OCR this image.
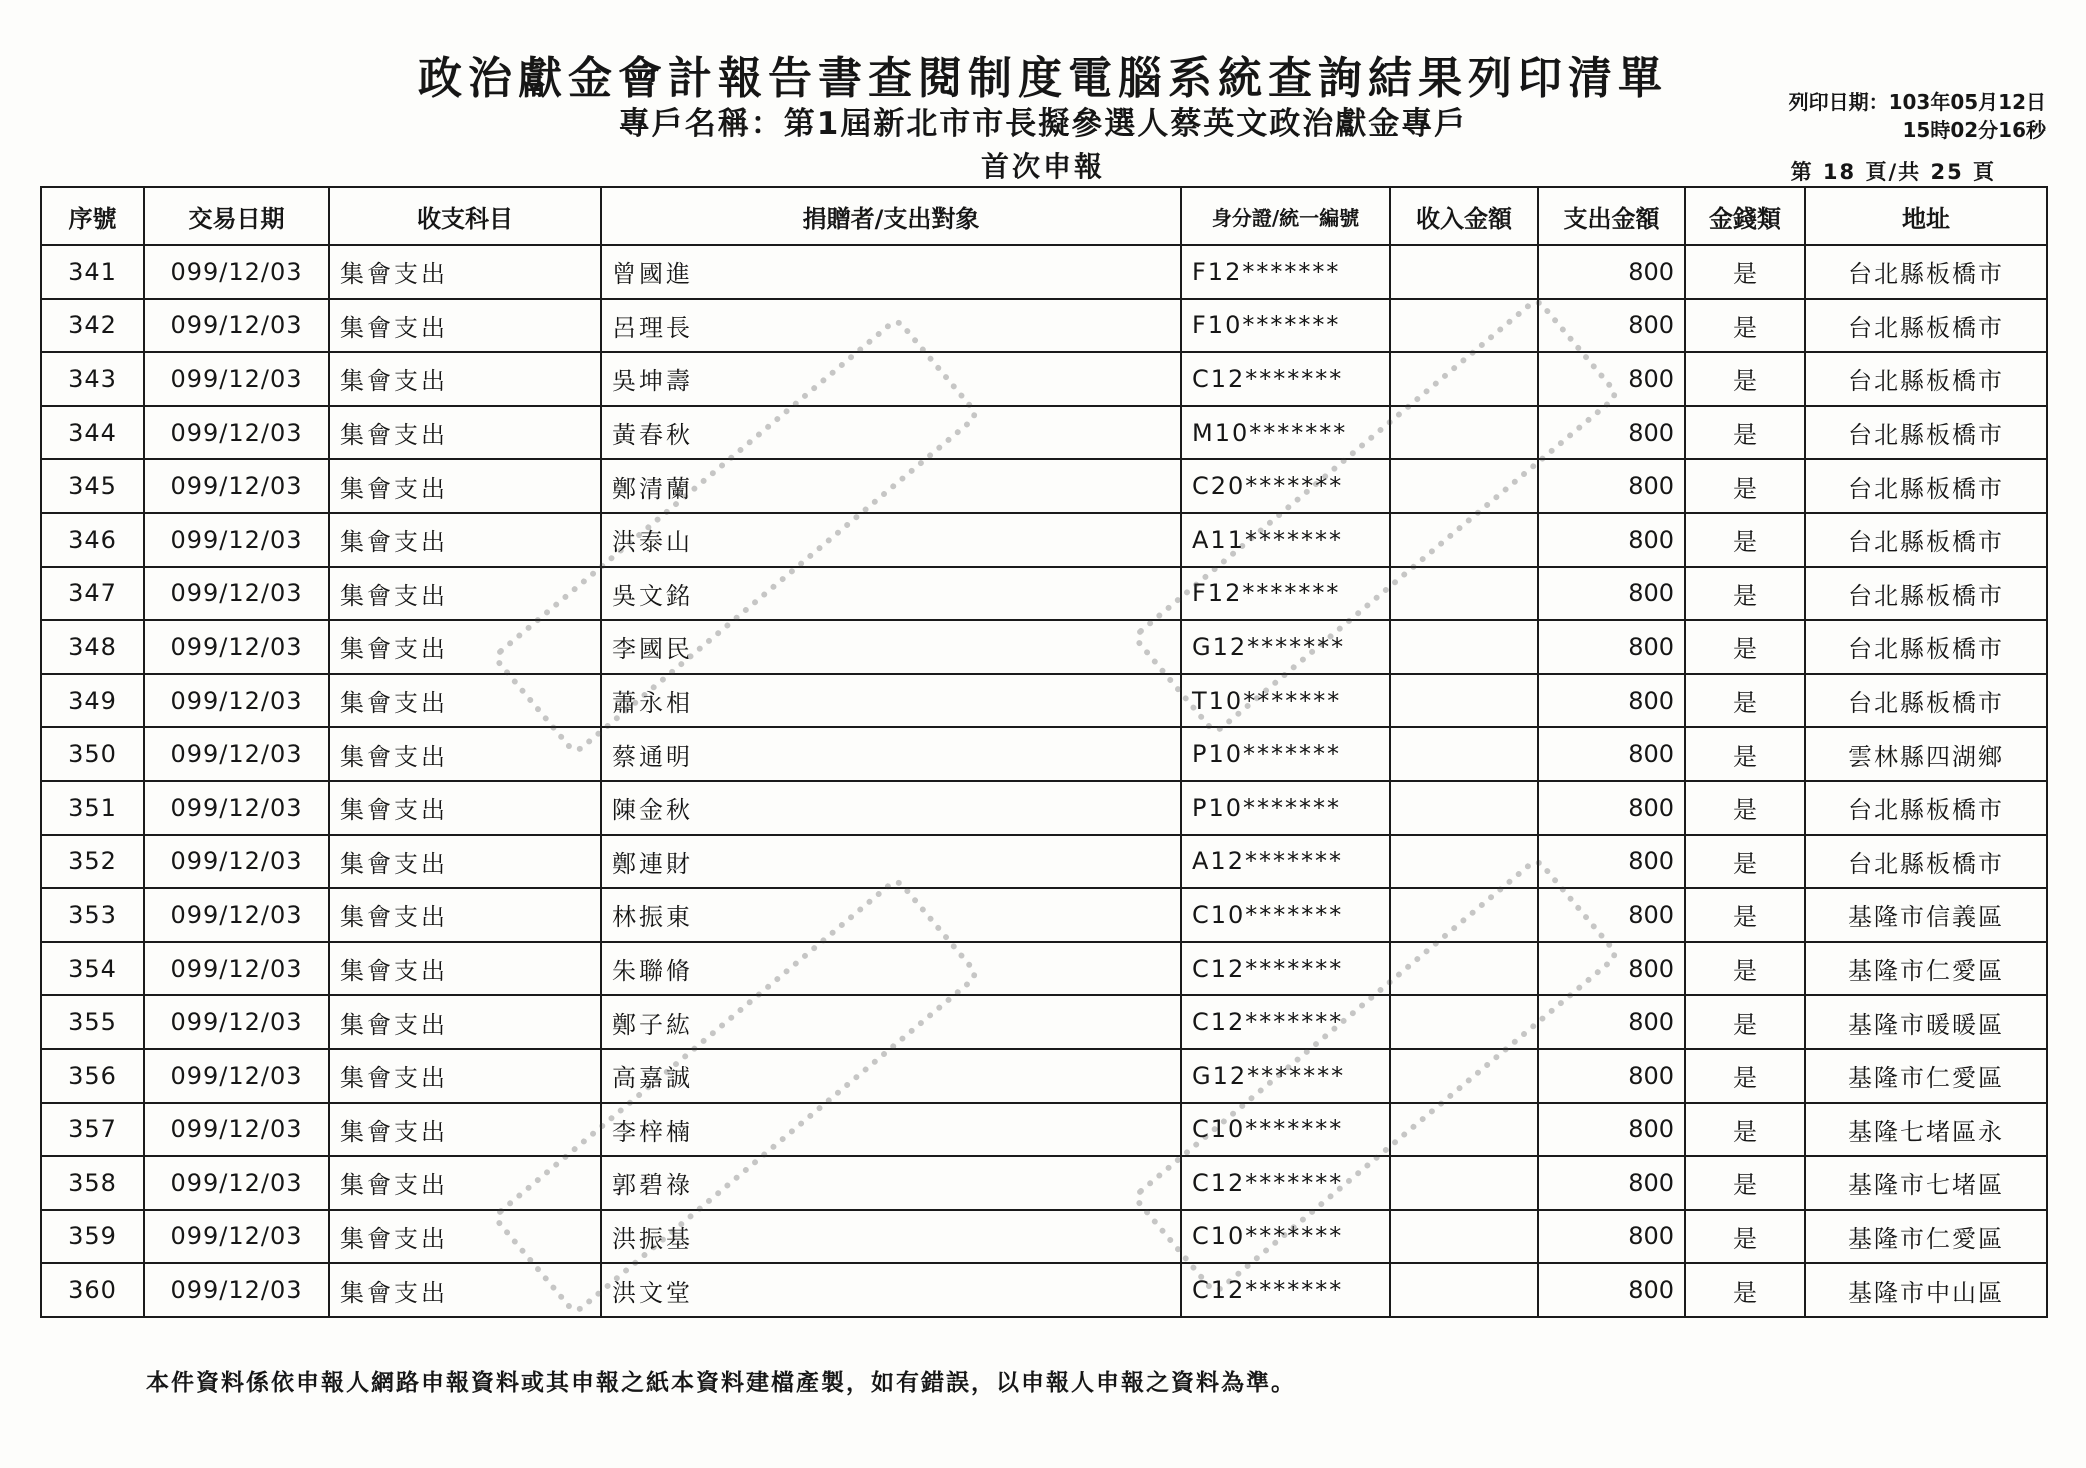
政治獻金會計報告書查閱制度電腦系統查詢結果列印清單
專戶名稱：第1屆新北市市長擬參選人蔡英文政治獻金專戶
首次申報
列印日期：103年05月12日
15時02分16秒
第 18 頁/共 25 頁
序號	交易日期	收支科目	捐贈者/支出對象	身分證/統一編號	收入金額	支出金額	金錢類	地址
341	099/12/03	集會支出	曾國進	F12*******		800	是	台北縣板橋市
342	099/12/03	集會支出	呂理長	F10*******		800	是	台北縣板橋市
343	099/12/03	集會支出	吳坤壽	C12*******		800	是	台北縣板橋市
344	099/12/03	集會支出	黃春秋	M10*******		800	是	台北縣板橋市
345	099/12/03	集會支出	鄭清蘭	C20*******		800	是	台北縣板橋市
346	099/12/03	集會支出	洪泰山	A11*******		800	是	台北縣板橋市
347	099/12/03	集會支出	吳文銘	F12*******		800	是	台北縣板橋市
348	099/12/03	集會支出	李國民	G12*******		800	是	台北縣板橋市
349	099/12/03	集會支出	蕭永相	T10*******		800	是	台北縣板橋市
350	099/12/03	集會支出	蔡通明	P10*******		800	是	雲林縣四湖鄉
351	099/12/03	集會支出	陳金秋	P10*******		800	是	台北縣板橋市
352	099/12/03	集會支出	鄭連財	A12*******		800	是	台北縣板橋市
353	099/12/03	集會支出	林振東	C10*******		800	是	基隆市信義區
354	099/12/03	集會支出	朱聯脩	C12*******		800	是	基隆市仁愛區
355	099/12/03	集會支出	鄭子紘	C12*******		800	是	基隆市暖暖區
356	099/12/03	集會支出	高嘉誠	G12*******		800	是	基隆市仁愛區
357	099/12/03	集會支出	李梓楠	C10*******		800	是	基隆七堵區永
358	099/12/03	集會支出	郭碧祿	C12*******		800	是	基隆市七堵區
359	099/12/03	集會支出	洪振基	C10*******		800	是	基隆市仁愛區
360	099/12/03	集會支出	洪文堂	C12*******		800	是	基隆市中山區
本件資料係依申報人網路申報資料或其申報之紙本資料建檔產製，如有錯誤，以申報人申報之資料為準。
